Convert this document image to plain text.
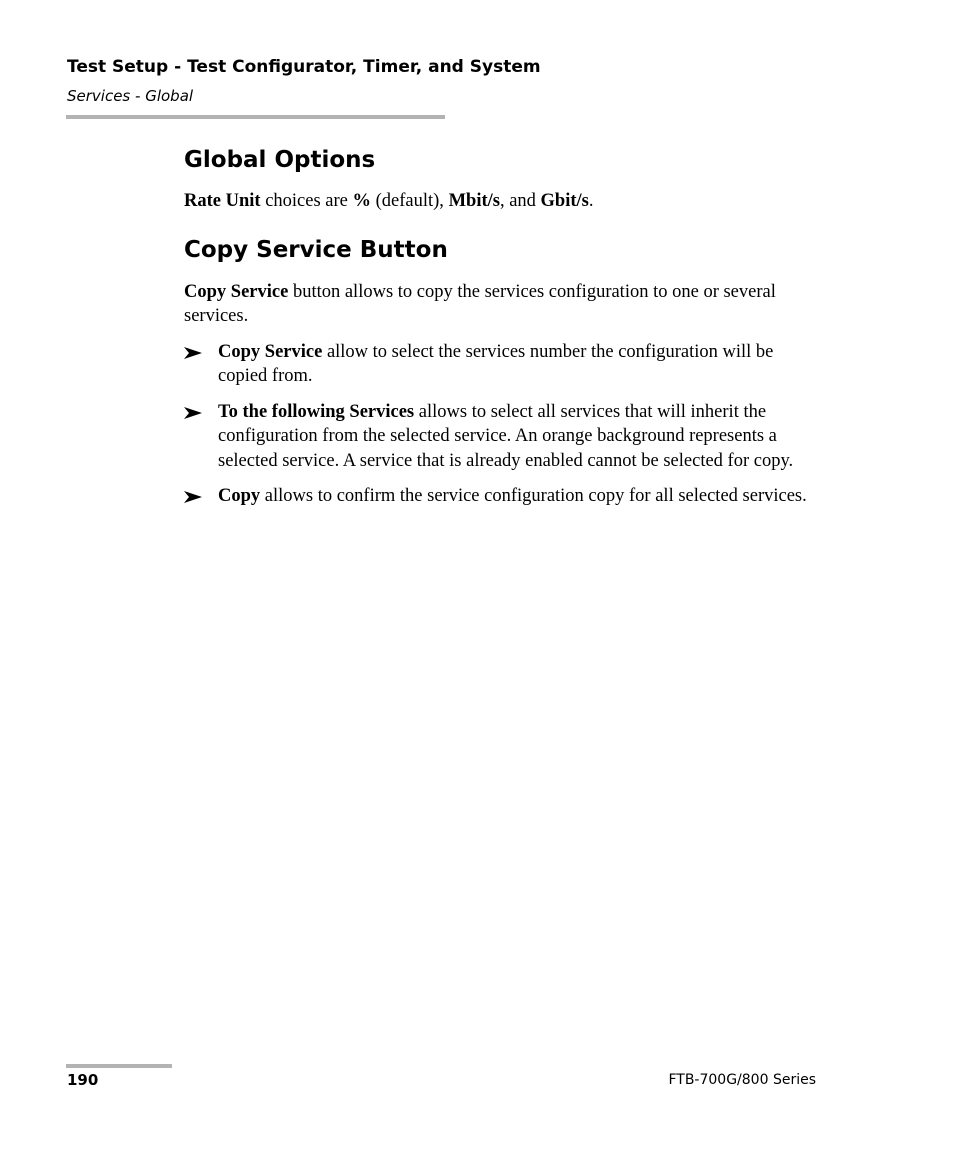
Test Setup - Test Configurator, Timer, and System
Services - Global
Global Options

Rate Unit choices are % (default), Mbit/s, and Gbit/s.

Copy Service Button

Copy Service button allows to copy the services configuration to one or several services.

Copy Service allow to select the services number the configuration will be copied from.
To the following Services allows to select all services that will inherit the configuration from the selected service. An orange background represents a selected service. A service that is already enabled cannot be selected for copy.
Copy allows to confirm the service configuration copy for all selected services.
190	FTB-700G/800 Series
